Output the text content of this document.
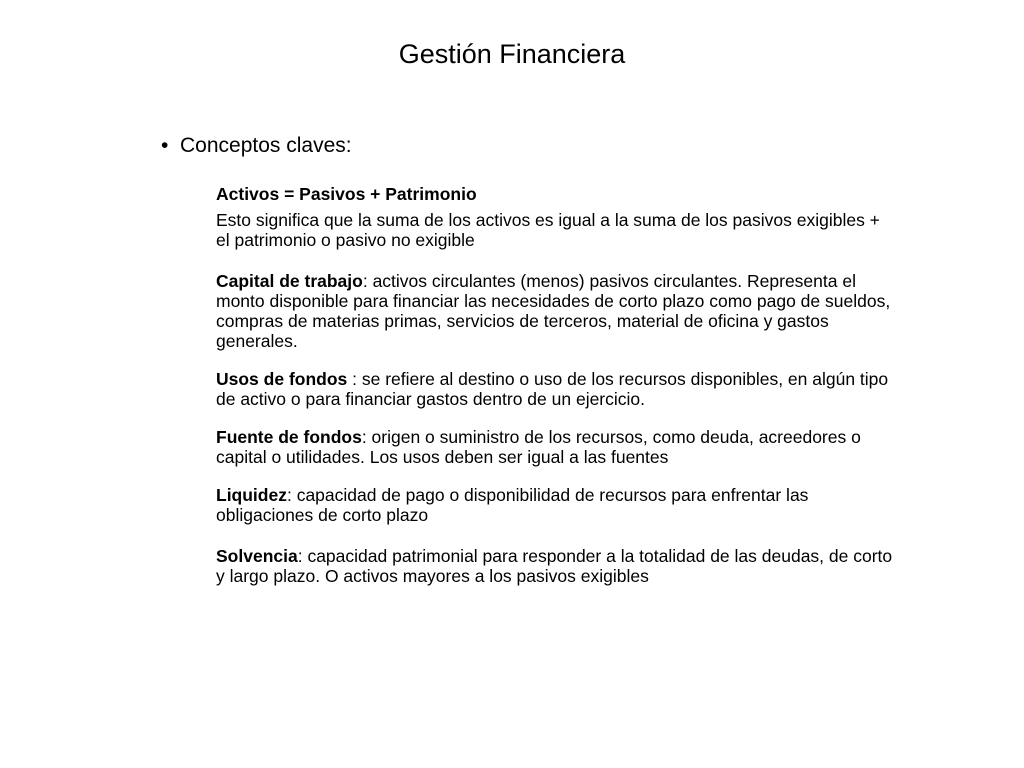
Gestión Financiera
• Conceptos claves :

Activos = Pasivos + Patrimonio

Esto significa que la suma de los activos es igual a la suma de los pasivos exigibles + el patrimonio o pasivo no exigible

Capital de trabajo: activos circulantes (menos) pasivos circulantes. Representa el monto disponible para financiar las necesidades de corto plazo como pago de sueldos, compras de materias primas, servicios de terceros, material de oficina y gastos generales.

Usos de fondos : se refiere al destino o uso de los recursos disponibles, en algún tipo de activo o para financiar gastos dentro de un ejercicio.

Fuente de fondos: origen o suministro de los recursos, como deuda, acreedores o capital o utilidades. Los usos deben ser igual a las fuentes

Liquidez: capacidad de pago o disponibilidad de recursos para enfrentar las obligaciones de corto plazo

Solvencia: capacidad patrimonial para responder a la totalidad de las deudas, de corto y largo plazo. O activos mayores a los pasivos exigibles
